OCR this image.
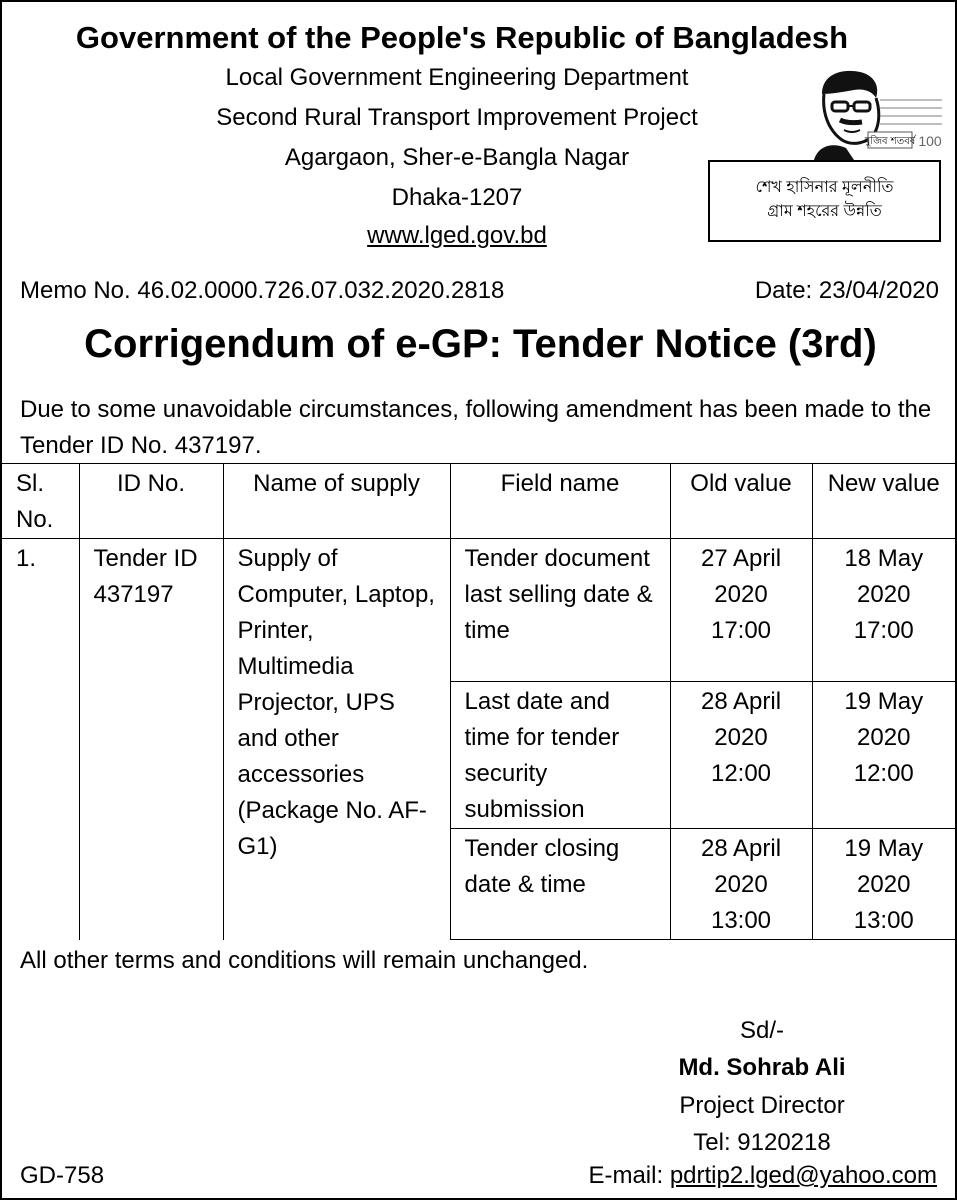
Government of the People's Republic of Bangladesh
Local Government Engineering Department
Second Rural Transport Improvement Project
Agargaon, Sher-e-Bangla Nagar
Dhaka-1207
www.lged.gov.bd
মুজিব শতবর্ষ 100
শেখ হাসিনার মূলনীতি
গ্রাম শহরের উন্নতি
Memo No. 46.02.0000.726.07.032.2020.2818	Date: 23/04/2020
Corrigendum of e-GP: Tender Notice (3rd)
Due to some unavoidable circumstances, following amendment has been made to the Tender ID No. 437197.
Sl. No.	ID No.	Name of supply	Field name	Old value	New value
1.	Tender ID 437197	Supply of Computer, Laptop, Printer, Multimedia Projector, UPS and other accessories (Package No. AF-G1)	Tender document last selling date & time	27 April 2020 17:00	18 May 2020 17:00
			Last date and time for tender security submission	28 April 2020 12:00	19 May 2020 12:00
			Tender closing date & time	28 April 2020 13:00	19 May 2020 13:00
All other terms and conditions will remain unchanged.
Sd/-
Md. Sohrab Ali
Project Director
Tel: 9120218
GD-758	E-mail: pdrtip2.lged@yahoo.com
